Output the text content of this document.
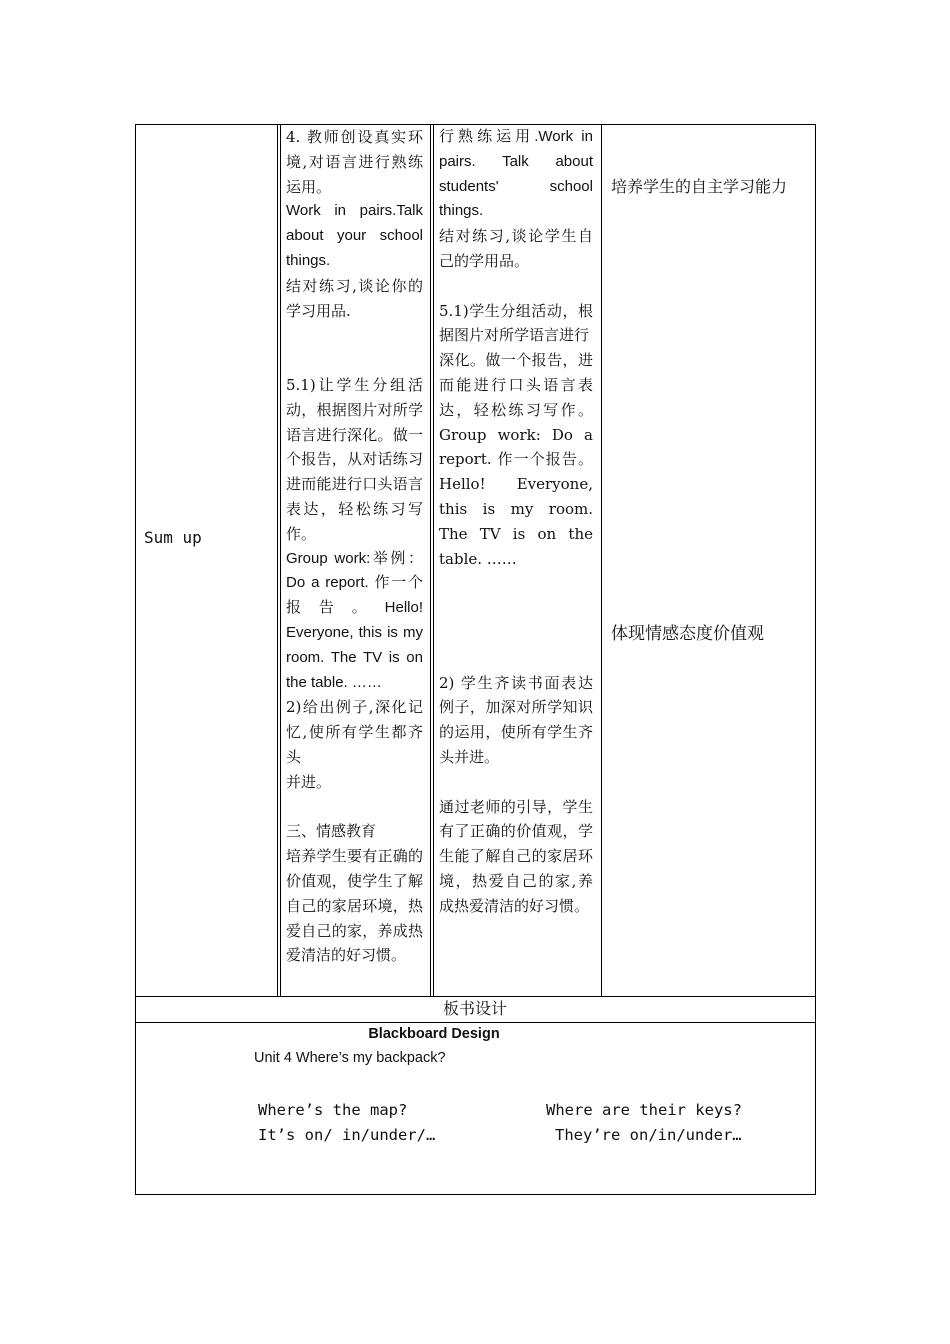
Sum up

4. 教师创设真实环境,对语言进行熟练运用。

Work in pairs.Talk about your school things.

结对练习,谈论你的学习用品.

5.1)让学生分组活动，根据图片对所学语言进行深化。做一个报告，从对话练习进而能进行口头语言表达，轻松练习写作。

Group work:举例：Do a report. 作一个报告。Hello! Everyone, this is my room. The TV is on the table. ……

2)给出例子,深化记忆,使所有学生都齐头

并进。

三、情感教育

培养学生要有正确的价值观，使学生了解自己的家居环境，热爱自己的家，养成热爱清洁的好习惯。

行熟练运用.Work in pairs. Talk about students' school things.

结对练习,谈论学生自己的学用品。

5.1)学生分组活动，根据图片对所学语言进行

深化。做一个报告，进而能进行口头语言表达，轻松练习写作。Group work: Do a report. 作一个报告。Hello! Everyone, this is my room. The TV is on the table. ……

2) 学生齐读书面表达例子，加深对所学知识 的运用，使所有学生齐头并进。

通过老师的引导，学生有了正确的价值观，学生能了解自己的家居环境，热爱自己的家,养成热爱清洁的好习惯。

培养学生的自主学习能力
体现情感态度价值观
板书设计
Blackboard Design
Unit 4 Where’s my backpack?
Where’s the map?
It’s on/ in/under/…
Where are their keys?
They’re on/in/under…
